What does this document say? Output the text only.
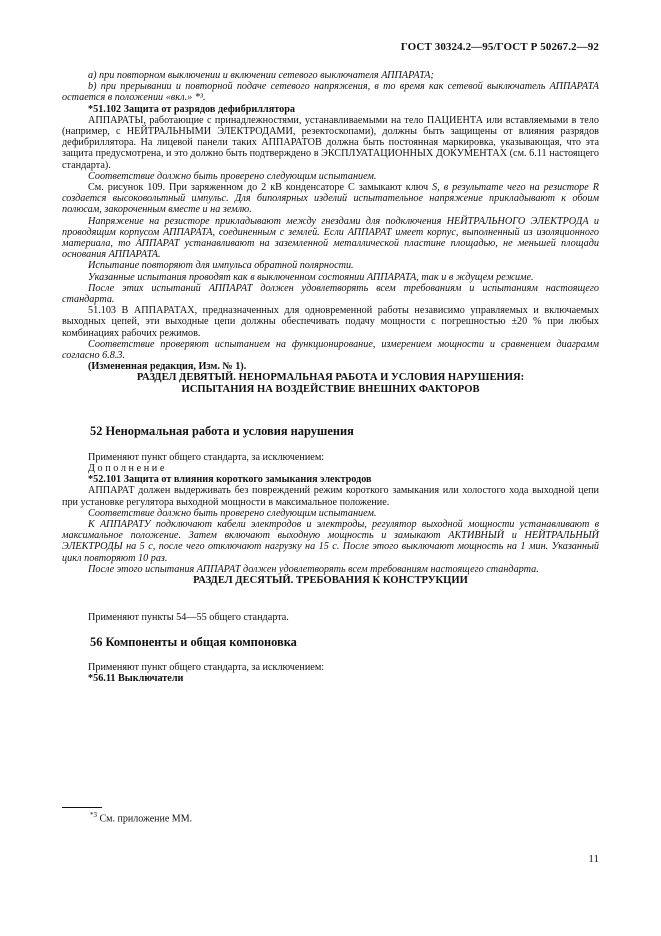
ГОСТ 30324.2—95/ГОСТ Р 50267.2—92

а) при повторном выключении и включении сетевого выключателя АППАРАТА;

b) при прерывании и повторной подаче сетевого напряжения, в то время как сетевой выключатель АППАРАТА остается в положении «вкл.» *³.

*51.102 Защита от разрядов дефибриллятора

АППАРАТЫ, работающие с принадлежностями, устанавливаемыми на тело ПАЦИЕНТА или вставляемыми в тело (например, с НЕЙТРАЛЬНЫМИ ЭЛЕКТРОДАМИ, резектоскопами), должны быть защищены от влияния разрядов дефибриллятора. На лицевой панели таких АППАРАТОВ должна быть постоянная маркировка, указывающая, что эта защита предусмотрена, и это должно быть подтверждено в ЭКСПЛУАТАЦИОННЫХ ДОКУМЕНТАХ (см. 6.11 настоящего стандарта).

Соответствие должно быть проверено следующим испытанием.

См. рисунок 109. При заряженном до 2 кВ конденсаторе С замыкают ключ S, в результате чего на резисторе R создается высоковольтный импульс. Для биполярных изделий испытательное напряжение прикладывают к обоим полюсам, закороченным вместе и на землю.

Напряжение на резисторе прикладывают между гнездами для подключения НЕЙТРАЛЬНОГО ЭЛЕКТРОДА и проводящим корпусом АППАРАТА, соединенным с землей. Если АППАРАТ имеет корпус, выполненный из изоляционного материала, то АППАРАТ устанавливают на заземленной металлической пластине площадью, не меньшей площади основания АППАРАТА.

Испытание повторяют для импульса обратной полярности.

Указанные испытания проводят как в выключенном состоянии АППАРАТА, так и в ждущем режиме.

После этих испытаний АППАРАТ должен удовлетворять всем требованиям и испытаниям настоящего стандарта.

51.103 В АППАРАТАХ, предназначенных для одновременной работы независимо управляемых и включаемых выходных цепей, эти выходные цепи должны обеспечивать подачу мощности с погрешностью ±20 % при любых комбинациях рабочих режимов.

Соответствие проверяют испытанием на функционирование, измерением мощности и сравнением диаграмм согласно 6.8.3.

(Измененная редакция, Изм. № 1).

РАЗДЕЛ ДЕВЯТЫЙ. НЕНОРМАЛЬНАЯ РАБОТА И УСЛОВИЯ НАРУШЕНИЯ:
ИСПЫТАНИЯ НА ВОЗДЕЙСТВИЕ ВНЕШНИХ ФАКТОРОВ

52 Ненормальная работа и условия нарушения

Применяют пункт общего стандарта, за исключением:

Дополнение

*52.101 Защита от влияния короткого замыкания электродов

АППАРАТ должен выдерживать без повреждений режим короткого замыкания или холостого хода выходной цепи при установке регулятора выходной мощности в максимальное положение.

Соответствие должно быть проверено следующим испытанием.

К АППАРАТУ подключают кабели электродов и электроды, регулятор выходной мощности устанавливают в максимальное положение. Затем включают выходную мощность и замыкают АКТИВНЫЙ и НЕЙТРАЛЬНЫЙ ЭЛЕКТРОДЫ на 5 с, после чего отключают нагрузку на 15 с. После этого выключают мощность на 1 мин. Указанный цикл повторяют 10 раз.

После этого испытания АППАРАТ должен удовлетворять всем требованиям настоящего стандарта.

РАЗДЕЛ ДЕСЯТЫЙ. ТРЕБОВАНИЯ К КОНСТРУКЦИИ

Применяют пункты 54—55 общего стандарта.

56 Компоненты и общая компоновка

Применяют пункт общего стандарта, за исключением:

*56.11 Выключатели

$^{*3}$ См. приложение ММ.
11
